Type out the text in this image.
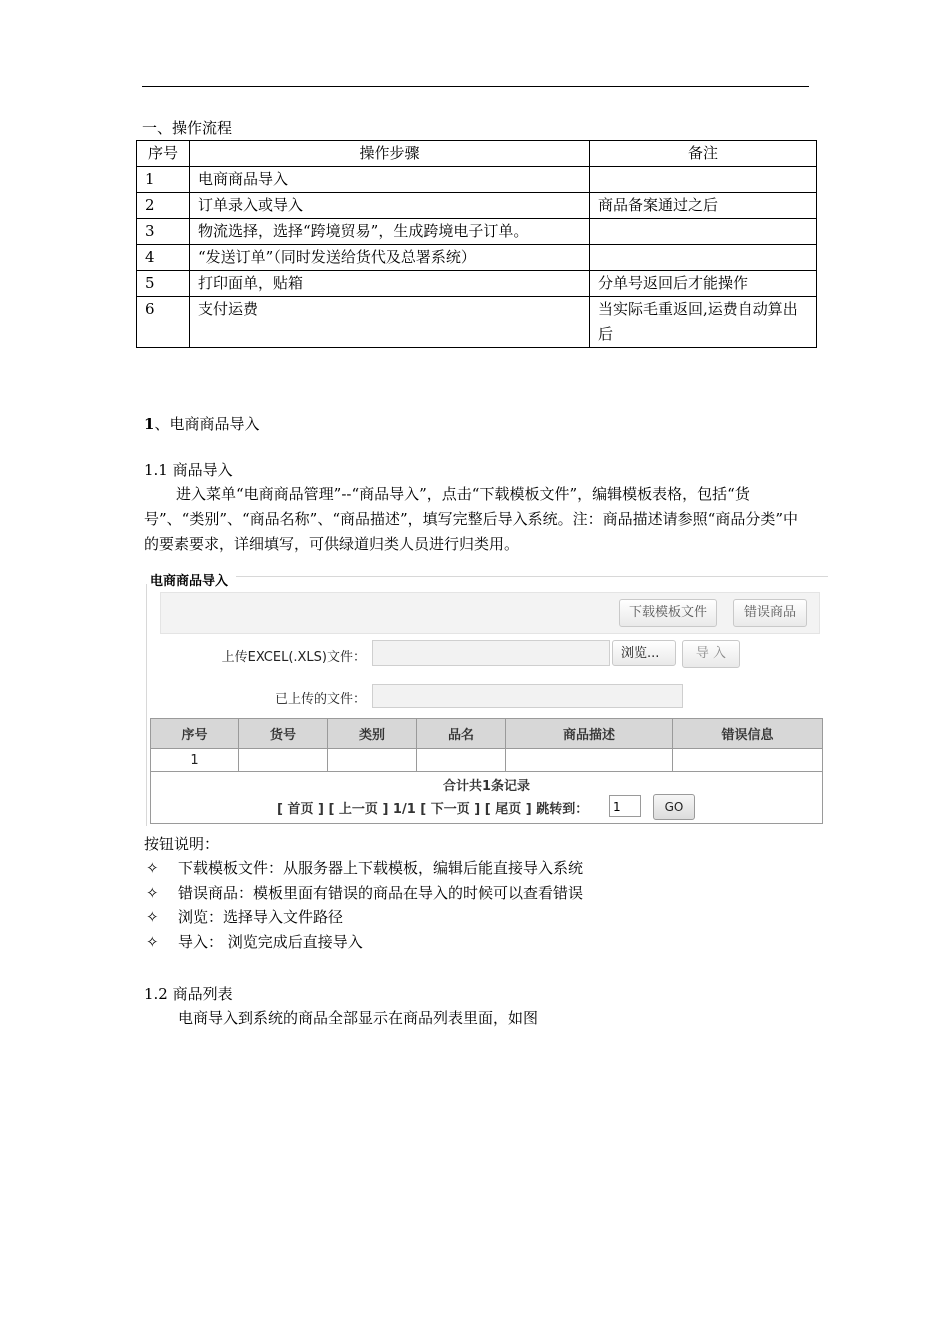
一、操作流程
序号	操作步骤	备注
1	电商商品导入	
2	订单录入或导入	商品备案通过之后
3	物流选择，选择“跨境贸易”，生成跨境电子订单。	
4	“发送订单”（同时发送给货代及总署系统）	
5	打印面单，贴箱	分单号返回后才能操作
6	支付运费	当实际毛重返回,运费自动算出后
1、电商商品导入
1.1 商品导入
进入菜单“电商商品管理”--“商品导入”，点击“下载模板文件”，编辑模板表格，包括“货号”、“类别”、“商品名称”、“商品描述”，填写完整后导入系统。注：商品描述请参照“商品分类”中的要素要求，详细填写，可供绿道归类人员进行归类用。
电商商品导入
下载模板文件	错误商品
上传EXCEL(.XLS)文件：	浏览...	导 入
已上传的文件：
序号	货号	类别	品名	商品描述	错误信息
1					
合计共1条记录
[ 首页 ] [ 上一页 ] 1/1 [ 下一页 ] [ 尾页 ] 跳转到：	1	GO
按钮说明：
✧ 下载模板文件：从服务器上下载模板，编辑后能直接导入系统
✧ 错误商品：模板里面有错误的商品在导入的时候可以查看错误
✧ 浏览：选择导入文件路径
✧ 导入： 浏览完成后直接导入
1.2 商品列表
电商导入到系统的商品全部显示在商品列表里面，如图
